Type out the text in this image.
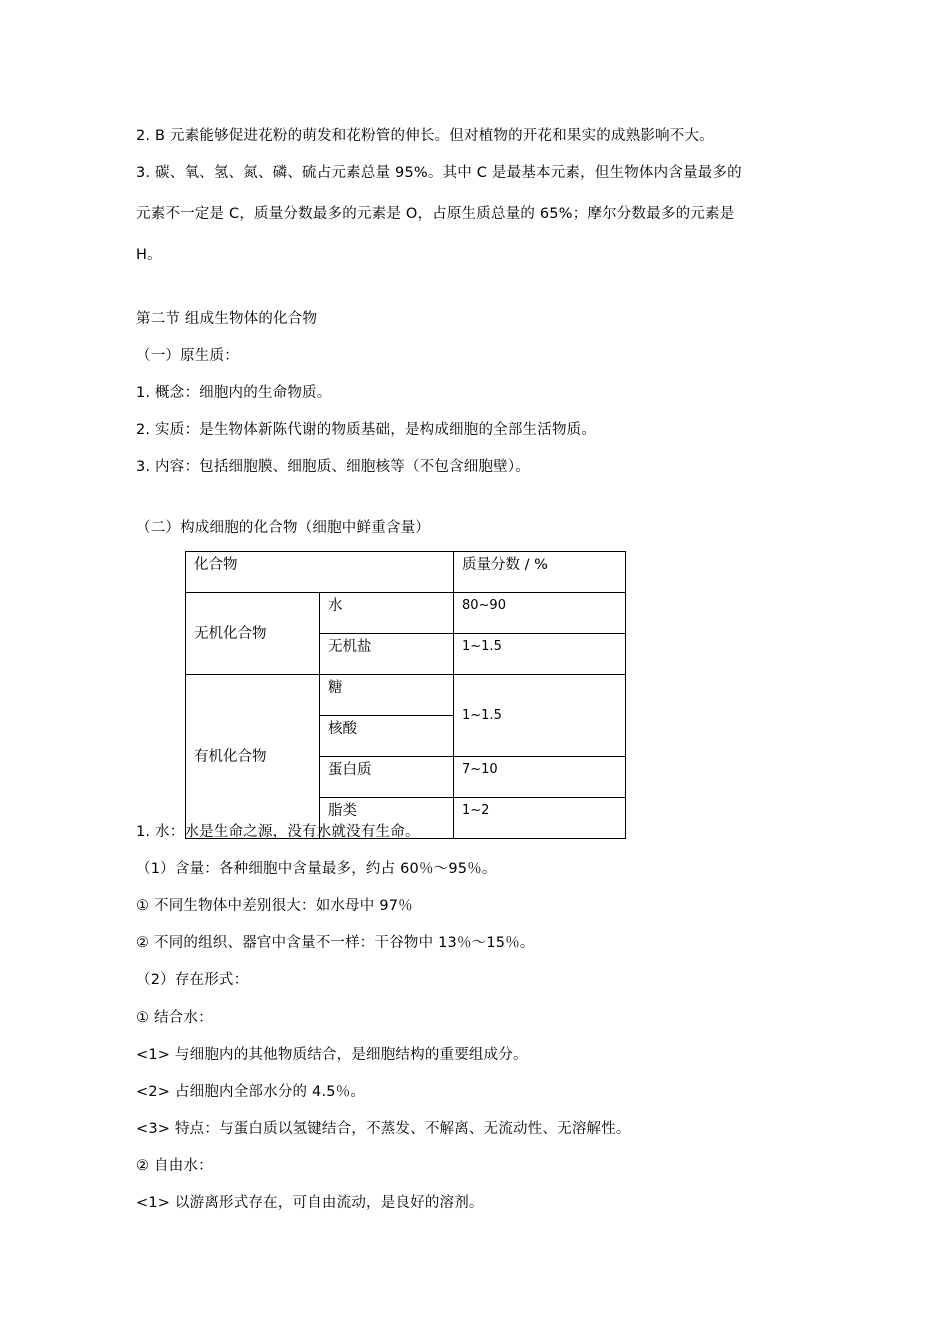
2. B 元素能够促进花粉的萌发和花粉管的伸长。但对植物的开花和果实的成熟影响不大。
3. 碳、氧、氢、氮、磷、硫占元素总量 95%。其中 C 是最基本元素，但生物体内含量最多的
元素不一定是 C，质量分数最多的元素是 O，占原生质总量的 65%；摩尔分数最多的元素是
H。
第二节 组成生物体的化合物
（一）原生质：
1. 概念：细胞内的生命物质。
2. 实质：是生物体新陈代谢的物质基础，是构成细胞的全部生活物质。
3. 内容：包括细胞膜、细胞质、细胞核等（不包含细胞壁）。
（二）构成细胞的化合物（细胞中鲜重含量）
化合物		质量分数 / %
无机化合物	水	80~90
	无机盐	1~1.5
有机化合物	糖	1~1.5
	核酸	
	蛋白质	7~10
	脂类	1~2
1. 水：水是生命之源，没有水就没有生命。
（1）含量：各种细胞中含量最多，约占 60％～95％。
① 不同生物体中差别很大：如水母中 97％
② 不同的组织、器官中含量不一样：干谷物中 13％～15％。
（2）存在形式：
① 结合水：
<1> 与细胞内的其他物质结合，是细胞结构的重要组成分。
<2> 占细胞内全部水分的 4.5％。
<3> 特点：与蛋白质以氢键结合，不蒸发、不解离、无流动性、无溶解性。
② 自由水：
<1> 以游离形式存在，可自由流动，是良好的溶剂。
